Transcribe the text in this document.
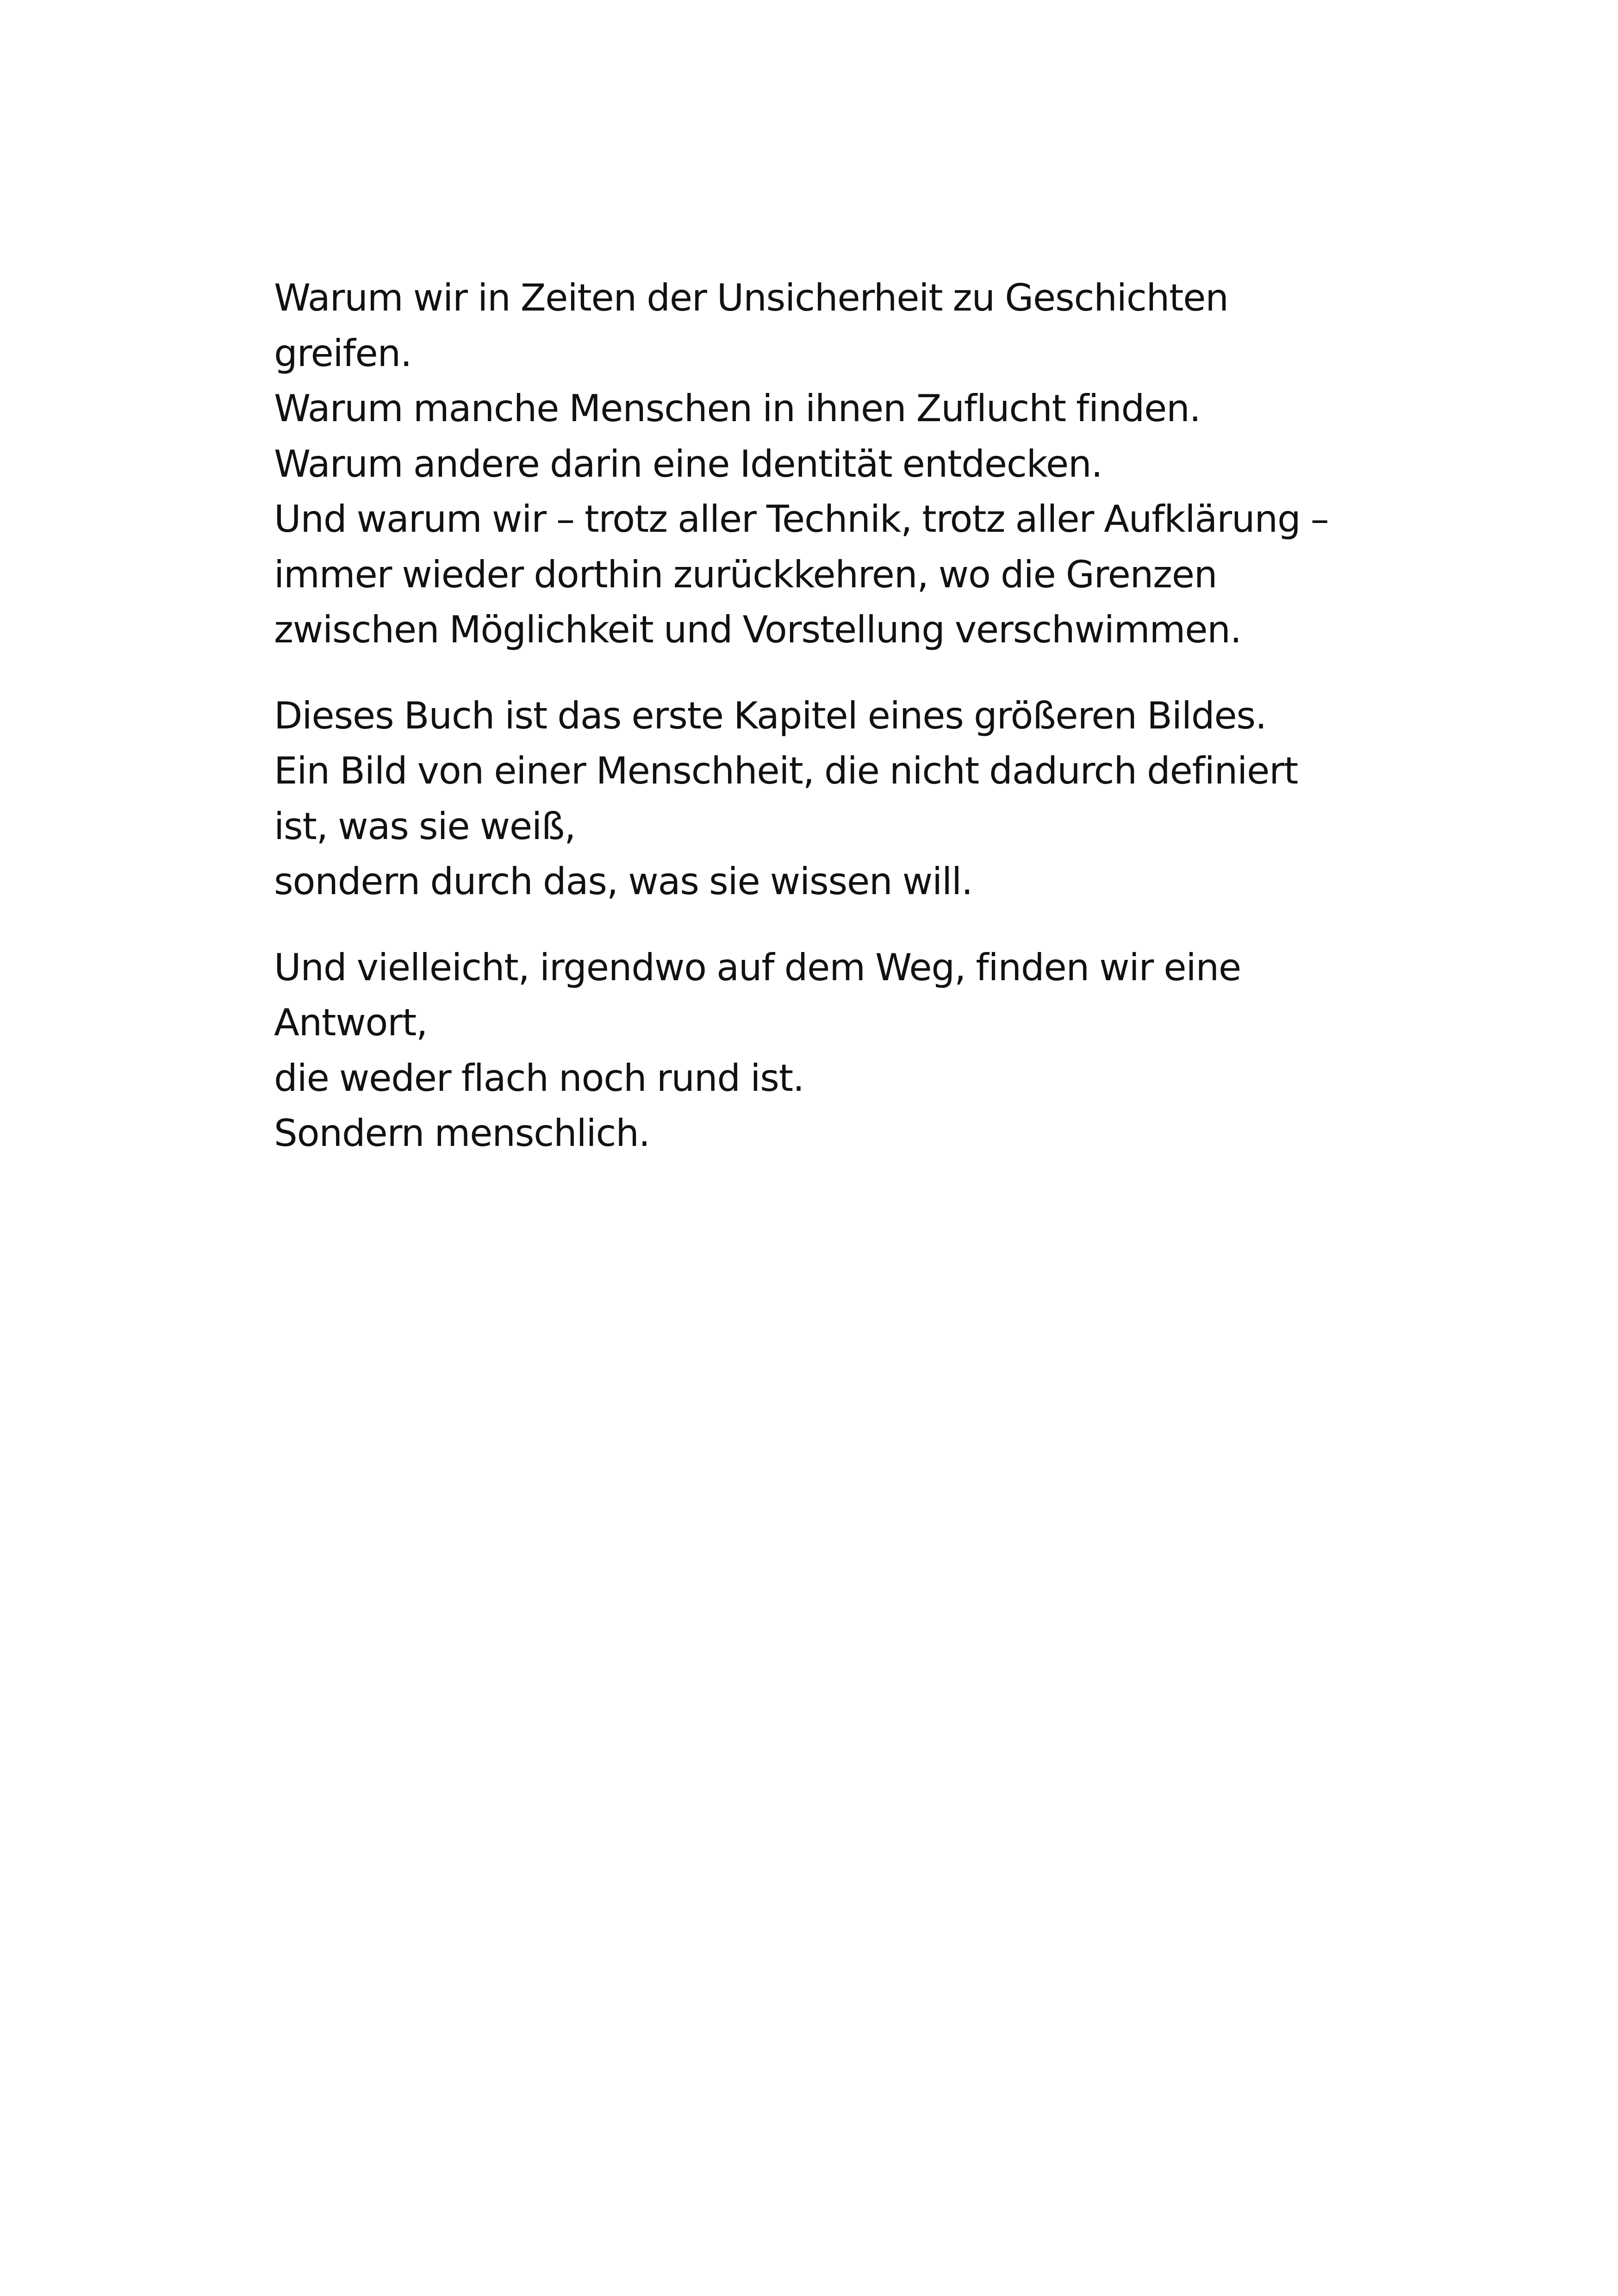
Warum wir in Zeiten der Unsicherheit zu Geschichten
greifen.
Warum manche Menschen in ihnen Zuflucht finden.
Warum andere darin eine Identität entdecken.
Und warum wir – trotz aller Technik, trotz aller Aufklärung –
immer wieder dorthin zurückkehren, wo die Grenzen
zwischen Möglichkeit und Vorstellung verschwimmen.

Dieses Buch ist das erste Kapitel eines größeren Bildes.
Ein Bild von einer Menschheit, die nicht dadurch definiert
ist, was sie weiß,
sondern durch das, was sie wissen will.

Und vielleicht, irgendwo auf dem Weg, finden wir eine
Antwort,
die weder flach noch rund ist.
Sondern menschlich.
